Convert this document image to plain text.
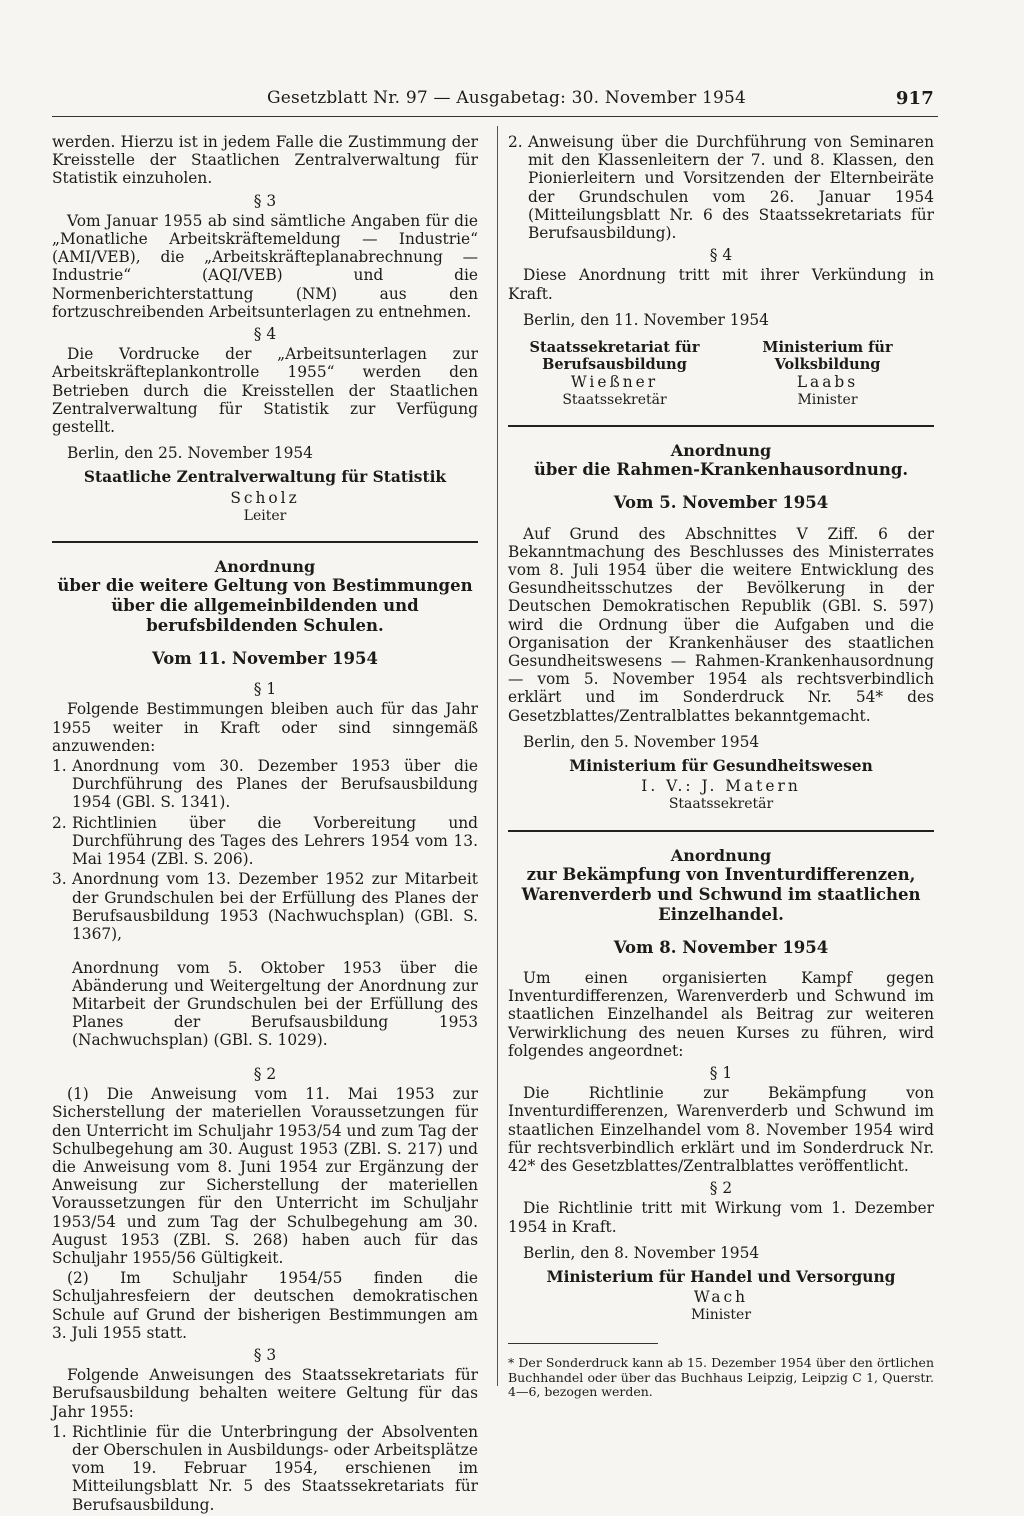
Gesetzblatt Nr. 97 — Ausgabetag: 30. November 1954	917

werden. Hierzu ist in jedem Falle die Zustimmung der Kreisstelle der Staatlichen Zentralverwaltung für Statistik einzuholen.

§ 3

Vom Januar 1955 ab sind sämtliche Angaben für die „Monatliche Arbeitskräftemeldung — Industrie“ (AMI/VEB), die „Arbeitskräfteplanabrechnung — Industrie“ (AQI/VEB) und die Normenberichterstattung (NM) aus den fortzuschreibenden Arbeitsunterlagen zu entnehmen.

§ 4

Die Vordrucke der „Arbeitsunterlagen zur Arbeitskräfteplankontrolle 1955“ werden den Betrieben durch die Kreisstellen der Staatlichen Zentralverwaltung für Statistik zur Verfügung gestellt.

Berlin, den 25. November 1954

Staatliche Zentralverwaltung für Statistik

Scholz

Leiter

Anordnung

über die weitere Geltung von Bestimmungen über die allgemeinbildenden und berufsbildenden Schulen.

Vom 11. November 1954

§ 1

Folgende Bestimmungen bleiben auch für das Jahr 1955 weiter in Kraft oder sind sinngemäß anzuwenden:

1. Anordnung vom 30. Dezember 1953 über die Durchführung des Planes der Berufsausbildung 1954 (GBl. S. 1341).
2. Richtlinien über die Vorbereitung und Durchführung des Tages des Lehrers 1954 vom 13. Mai 1954 (ZBl. S. 206).
3. Anordnung vom 13. Dezember 1952 zur Mitarbeit der Grundschulen bei der Erfüllung des Planes der Berufsausbildung 1953 (Nachwuchsplan) (GBl. S. 1367),

Anordnung vom 5. Oktober 1953 über die Abänderung und Weitergeltung der Anordnung zur Mitarbeit der Grundschulen bei der Erfüllung des Planes der Berufsausbildung 1953 (Nachwuchsplan) (GBl. S. 1029).

§ 2

(1) Die Anweisung vom 11. Mai 1953 zur Sicherstellung der materiellen Voraussetzungen für den Unterricht im Schuljahr 1953/54 und zum Tag der Schulbegehung am 30. August 1953 (ZBl. S. 217) und die Anweisung vom 8. Juni 1954 zur Ergänzung der Anweisung zur Sicherstellung der materiellen Voraussetzungen für den Unterricht im Schuljahr 1953/54 und zum Tag der Schulbegehung am 30. August 1953 (ZBl. S. 268) haben auch für das Schuljahr 1955/56 Gültigkeit.

(2) Im Schuljahr 1954/55 finden die Schuljahresfeiern der deutschen demokratischen Schule auf Grund der bisherigen Bestimmungen am 3. Juli 1955 statt.

§ 3

Folgende Anweisungen des Staatssekretariats für Berufsausbildung behalten weitere Geltung für das Jahr 1955:

1. Richtlinie für die Unterbringung der Absolventen der Oberschulen in Ausbildungs- oder Arbeitsplätze vom 19. Februar 1954, erschienen im Mitteilungsblatt Nr. 5 des Staatssekretariats für Berufsausbildung.
2. Anweisung über die Durchführung von Seminaren mit den Klassenleitern der 7. und 8. Klassen, den Pionierleitern und Vorsitzenden der Elternbeiräte der Grundschulen vom 26. Januar 1954 (Mitteilungsblatt Nr. 6 des Staatssekretariats für Berufsausbildung).

§ 4

Diese Anordnung tritt mit ihrer Verkündung in Kraft.

Berlin, den 11. November 1954

Staatssekretariat für Berufsausbildung

Wießner

Staatssekretär

Ministerium für Volksbildung

Laabs

Minister

Anordnung

über die Rahmen-Krankenhausordnung.

Vom 5. November 1954

Auf Grund des Abschnittes V Ziff. 6 der Bekanntmachung des Beschlusses des Ministerrates vom 8. Juli 1954 über die weitere Entwicklung des Gesundheitsschutzes der Bevölkerung in der Deutschen Demokratischen Republik (GBl. S. 597) wird die Ordnung über die Aufgaben und die Organisation der Krankenhäuser des staatlichen Gesundheitswesens — Rahmen-Krankenhausordnung — vom 5. November 1954 als rechtsverbindlich erklärt und im Sonderdruck Nr. 54* des Gesetzblattes/Zentralblattes bekanntgemacht.

Berlin, den 5. November 1954

Ministerium für Gesundheitswesen

I. V.: J. Matern

Staatssekretär

Anordnung

zur Bekämpfung von Inventurdifferenzen, Warenverderb und Schwund im staatlichen Einzelhandel.

Vom 8. November 1954

Um einen organisierten Kampf gegen Inventurdifferenzen, Warenverderb und Schwund im staatlichen Einzelhandel als Beitrag zur weiteren Verwirklichung des neuen Kurses zu führen, wird folgendes angeordnet:

§ 1

Die Richtlinie zur Bekämpfung von Inventurdifferenzen, Warenverderb und Schwund im staatlichen Einzelhandel vom 8. November 1954 wird für rechtsverbindlich erklärt und im Sonderdruck Nr. 42* des Gesetzblattes/Zentralblattes veröffentlicht.

§ 2

Die Richtlinie tritt mit Wirkung vom 1. Dezember 1954 in Kraft.

Berlin, den 8. November 1954

Ministerium für Handel und Versorgung

Wach

Minister

* Der Sonderdruck kann ab 15. Dezember 1954 über den örtlichen Buchhandel oder über das Buchhaus Leipzig, Leipzig C 1, Querstr. 4—6, bezogen werden.
